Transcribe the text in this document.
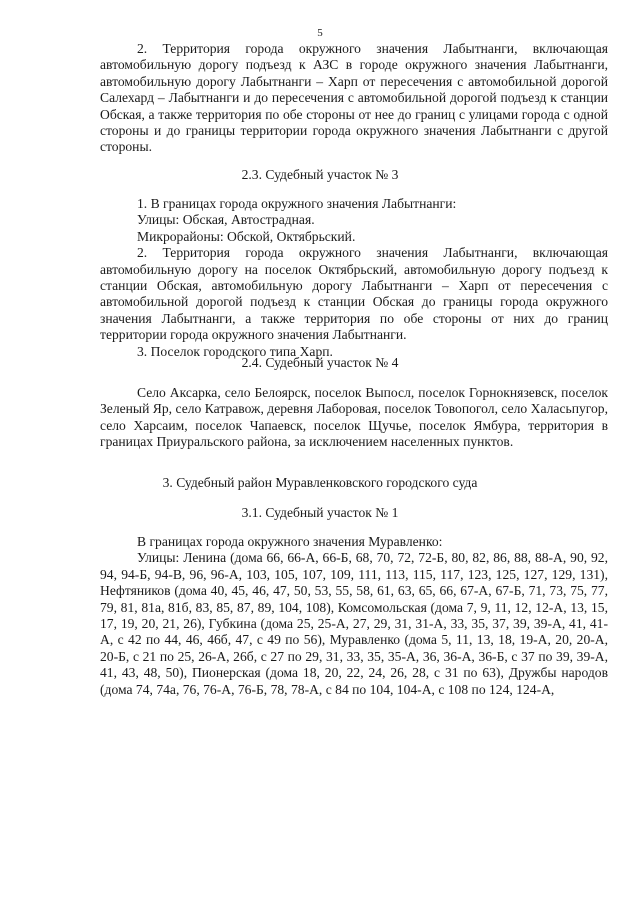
5

2. Территория города окружного значения Лабытнанги, включающая автомобильную дорогу подъезд к АЗС в городе окружного значения Лабытнанги, автомобильную дорогу Лабытнанги – Харп от пересечения с автомобильной дорогой Салехард – Лабытнанги и до пересечения с автомобильной дорогой подъезд к станции Обская, а также территория по обе стороны от нее до границ с улицами города с одной стороны и до границы территории города окружного значения Лабытнанги с другой стороны.

2.3. Судебный участок № 3

1. В границах города окружного значения Лабытнанги:

Улицы: Обская, Автострадная.

Микрорайоны: Обской, Октябрьский.

2. Территория города окружного значения Лабытнанги, включающая автомобильную дорогу на поселок Октябрьский, автомобильную дорогу подъезд к станции Обская, автомобильную дорогу Лабытнанги – Харп от пересечения с автомобильной дорогой подъезд к станции Обская до границы города окружного значения Лабытнанги, а также территория по обе стороны от них до границ территории города окружного значения Лабытнанги.

3. Поселок городского типа Харп.

2.4. Судебный участок № 4

Село Аксарка, село Белоярск, поселок Выпосл, поселок Горнокнязевск, поселок Зеленый Яр, село Катравож, деревня Лаборовая, поселок Товопогол, село Халасьпугор, село Харсаим, поселок Чапаевск, поселок Щучье, поселок Ямбура, территория в границах Приуральского района, за исключением населенных пунктов.

3. Судебный район Муравленковского городского суда

3.1. Судебный участок № 1

В границах города окружного значения Муравленко:

Улицы: Ленина (дома 66, 66-А, 66-Б, 68, 70, 72, 72-Б, 80, 82, 86, 88, 88-А, 90, 92, 94, 94-Б, 94-В, 96, 96-А, 103, 105, 107, 109, 111, 113, 115, 117, 123, 125, 127, 129, 131), Нефтяников (дома 40, 45, 46, 47, 50, 53, 55, 58, 61, 63, 65, 66, 67-А, 67-Б, 71, 73, 75, 77, 79, 81, 81а, 81б, 83, 85, 87, 89, 104, 108), Комсомольская (дома 7, 9, 11, 12, 12-А, 13, 15, 17, 19, 20, 21, 26), Губкина (дома 25, 25-А, 27, 29, 31, 31-А, 33, 35, 37, 39, 39-А, 41, 41-А, с 42 по 44, 46, 46б, 47, с 49 по 56), Муравленко (дома 5, 11, 13, 18, 19-А, 20, 20-А, 20-Б, с 21 по 25, 26-А, 26б, с 27 по 29, 31, 33, 35, 35-А, 36, 36-А, 36-Б, с 37 по 39, 39-А, 41, 43, 48, 50), Пионерская (дома 18, 20, 22, 24, 26, 28, с 31 по 63), Дружбы народов (дома 74, 74а, 76, 76-А, 76-Б, 78, 78-А, с 84 по 104, 104-А, с 108 по 124, 124-А,
